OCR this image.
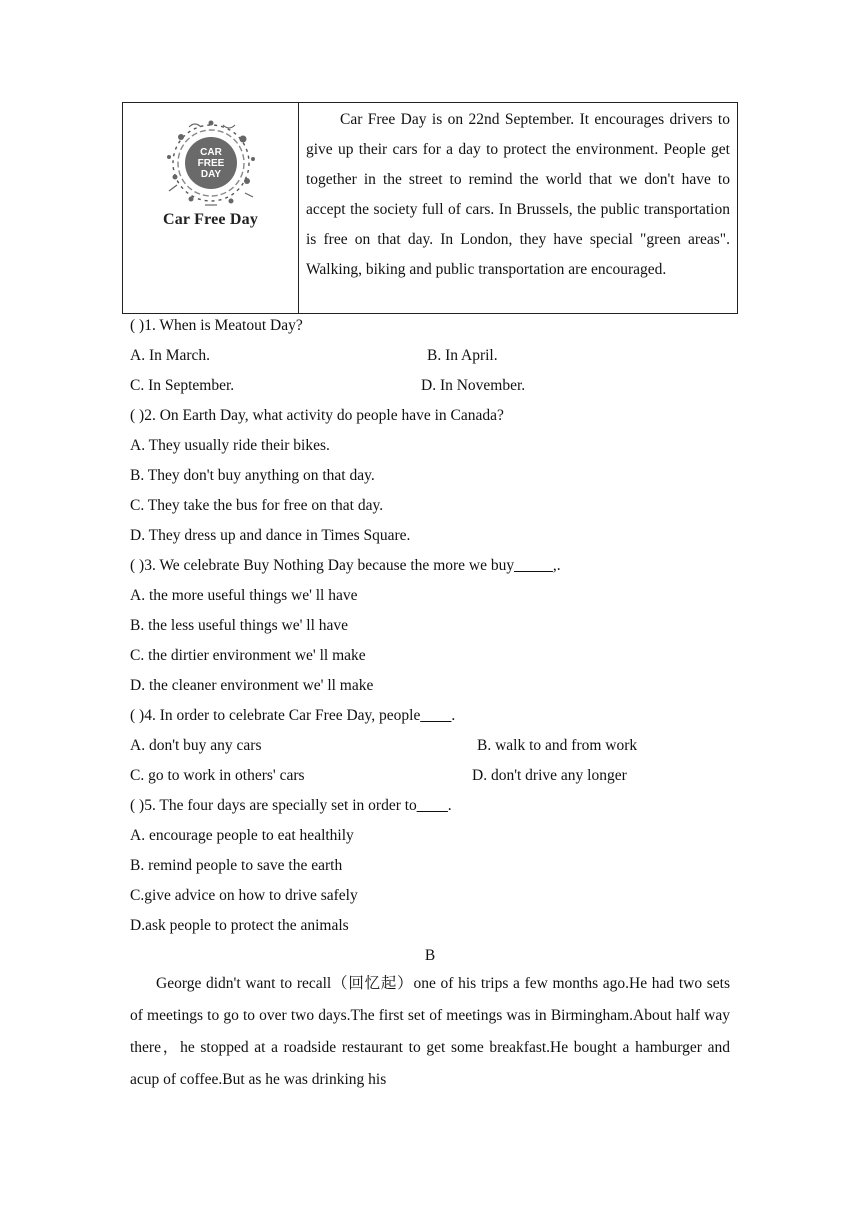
CAR
FREE
DAY
Car Free Day
Car Free Day is on 22nd September. It encourages drivers to give up their cars for a day to protect the environment. People get together in the street to remind the world that we don't have to accept the society full of cars. In Brussels, the public transportation is free on that day. In London, they have special "green areas". Walking, biking and public transportation are encouraged.
( )1. When is Meatout Day?
A. In March.	B. In April.
C. In September.	D. In November.
( )2. On Earth Day, what activity do people have in Canada?
A. They usually ride their bikes.
B. They don't buy anything on that day.
C. They take the bus for free on that day.
D. They dress up and dance in Times Square.
( )3. We celebrate Buy Nothing Day because the more we buy_____,.
A. the more useful things we' ll have
B. the less useful things we' ll have
C. the dirtier environment we' ll make
D. the cleaner environment we' ll make
( )4. In order to celebrate Car Free Day, people____.
A. don't buy any cars	B. walk to and from work
C. go to work in others' cars	D. don't drive any longer
( )5. The four days are specially set in order to____.
A. encourage people to eat healthily
B. remind people to save the earth
C.give advice on how to drive safely
D.ask people to protect the animals
B
George didn't want to recall（回忆起）one of his trips a few months ago.He had two sets of meetings to go to over two days.The first set of meetings was in Birmingham.About half way there，he stopped at a roadside restaurant to get some breakfast.He bought a hamburger and acup of coffee.But as he was drinking his
